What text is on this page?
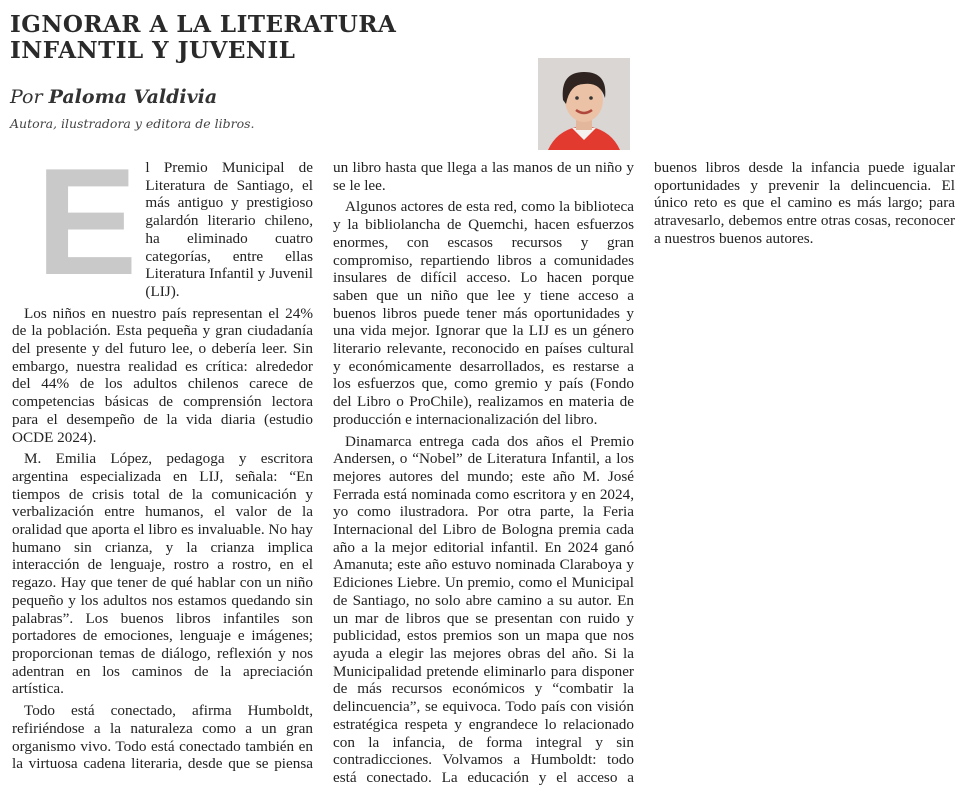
IGNORAR A LA LITERATURA INFANTIL Y JUVENIL
Por Paloma Valdivia
Autora, ilustradora y editora de libros.

El Premio Municipal de Literatura de Santiago, el más antiguo y prestigioso galardón literario chileno, ha eliminado cuatro categorías, entre ellas Literatura Infantil y Juvenil (LIJ).

Los niños en nuestro país representan el 24% de la población. Esta pequeña y gran ciudadanía del presente y del futuro lee, o debería leer. Sin embargo, nuestra realidad es crítica: alrededor del 44% de los adultos chilenos carece de competencias básicas de comprensión lectora para el desempeño de la vida diaria (estudio OCDE 2024).

M. Emilia López, pedagoga y escritora argentina especializada en LIJ, señala: “En tiempos de crisis total de la comunicación y verbalización entre humanos, el valor de la oralidad que aporta el libro es invaluable. No hay humano sin crianza, y la crianza implica interacción de lenguaje, rostro a rostro, en el regazo. Hay que tener de qué hablar con un niño pequeño y los adultos nos estamos quedando sin palabras”. Los buenos libros infantiles son portadores de emociones, lenguaje e imágenes; proporcionan temas de diálogo, reflexión y nos adentran en los caminos de la apreciación artística.

Todo está conectado, afirma Humboldt, refiriéndose a la naturaleza como a un gran organismo vivo. Todo está conectado también en la virtuosa cadena literaria, desde que se piensa un libro hasta que llega a las manos de un niño y se le lee.

Algunos actores de esta red, como la biblioteca y la bibliolancha de Quemchi, hacen esfuerzos enormes, con escasos recursos y gran compromiso, repartiendo libros a comunidades insulares de difícil acceso. Lo hacen porque saben que un niño que lee y tiene acceso a buenos libros puede tener más oportunidades y una vida mejor. Ignorar que la LIJ es un género literario relevante, reconocido en países cultural y económicamente desarrollados, es restarse a los esfuerzos que, como gremio y país (Fondo del Libro o ProChile), realizamos en materia de producción e internacionalización del libro.

Dinamarca entrega cada dos años el Premio Andersen, o “Nobel” de Literatura Infantil, a los mejores autores del mundo; este año M. José Ferrada está nominada como escritora y en 2024, yo como ilustradora. Por otra parte, la Feria Internacional del Libro de Bologna premia cada año a la mejor editorial infantil. En 2024 ganó Amanuta; este año estuvo nominada Claraboya y Ediciones Liebre. Un premio, como el Municipal de Santiago, no solo abre camino a su autor. En un mar de libros que se presentan con ruido y publicidad, estos premios son un mapa que nos ayuda a elegir las mejores obras del año. Si la Municipalidad pretende eliminarlo para disponer de más recursos económicos y “combatir la delincuencia”, se equivoca. Todo país con visión estratégica respeta y engrandece lo relacionado con la infancia, de forma integral y sin contradicciones. Volvamos a Humboldt: todo está conectado. La educación y el acceso a buenos libros desde la infancia puede igualar oportunidades y prevenir la delincuencia. El único reto es que el camino es más largo; para atravesarlo, debemos entre otras cosas, reconocer a nuestros buenos autores.
